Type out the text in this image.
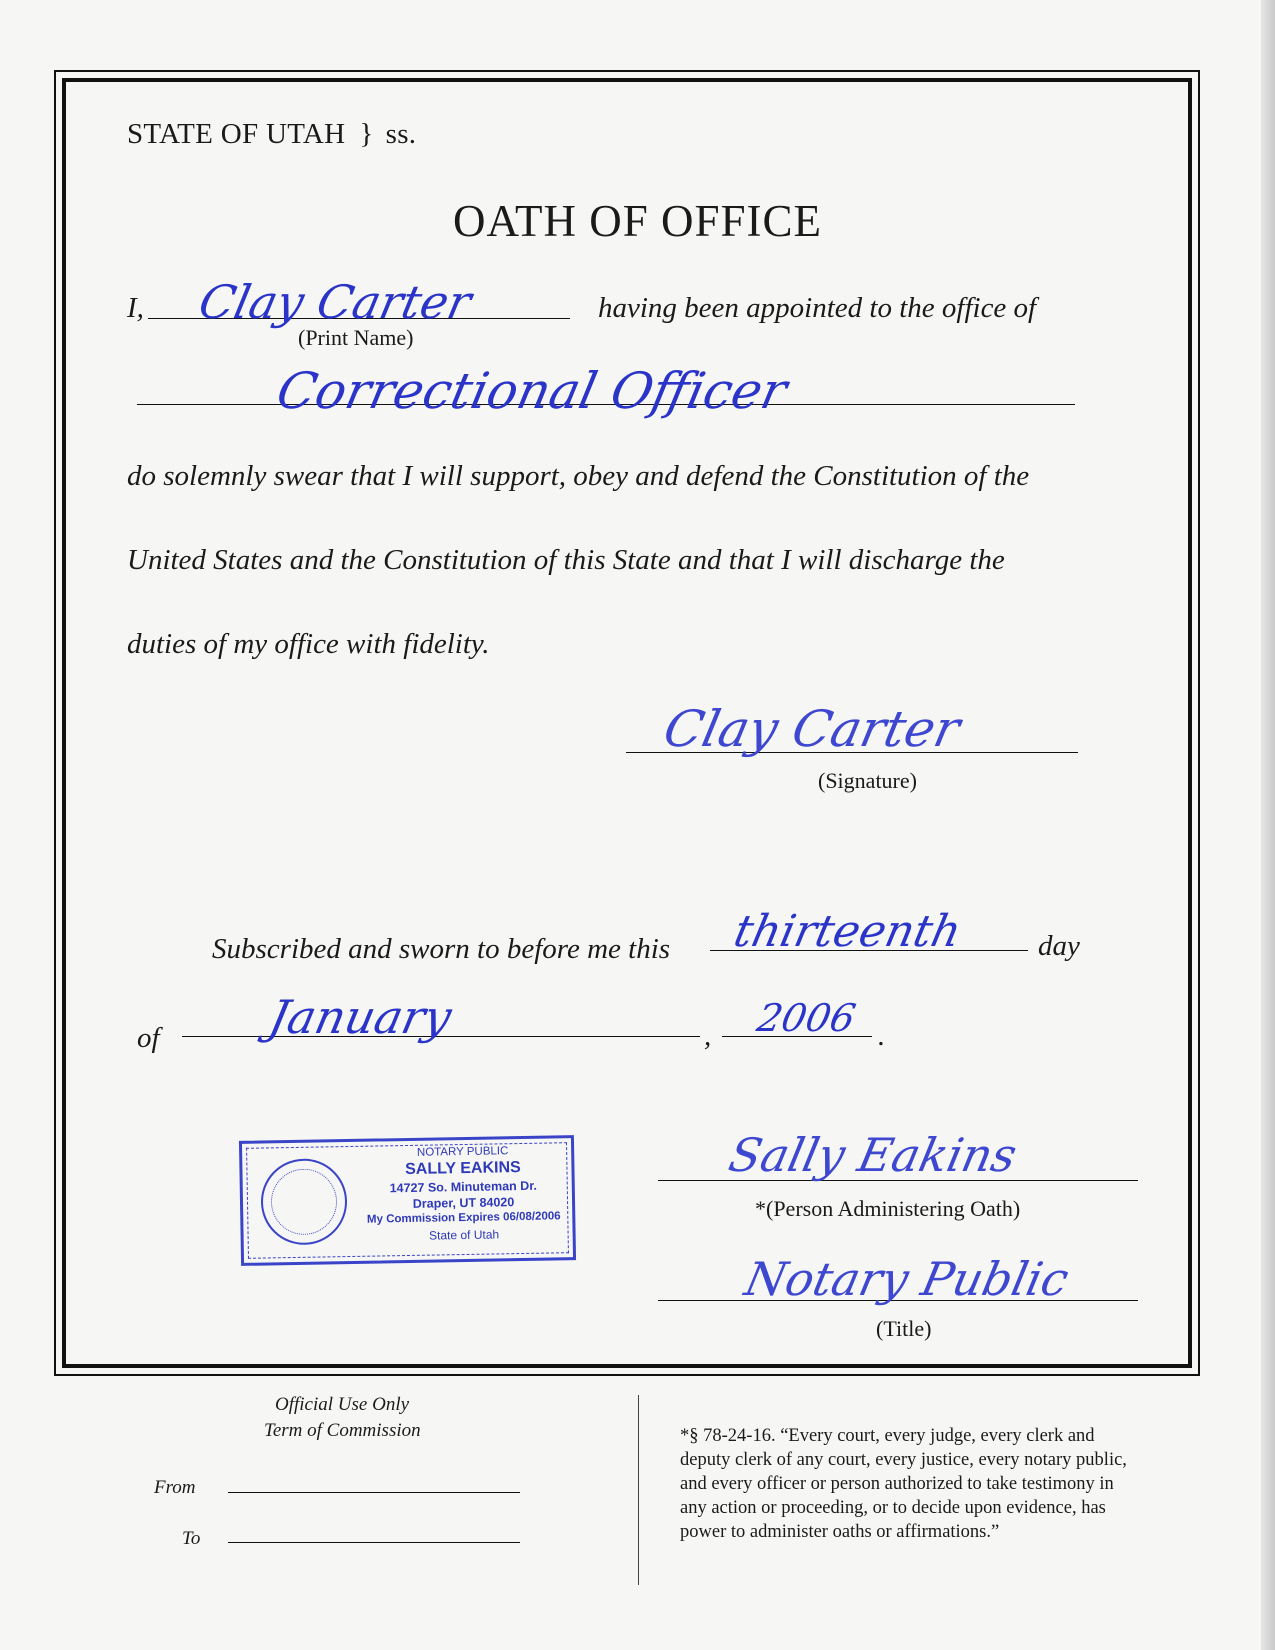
STATE OF UTAH } ss.
OATH OF OFFICE
I, Clay Carter
(Print Name)
having been appointed to the office of
Correctional Officer
do solemnly swear that I will support, obey and defend the Constitution of the
United States and the Constitution of this State and that I will discharge the
duties of my office with fidelity.
Clay Carter
(Signature)
Subscribed and sworn to before me this thirteenth day
of January	, 2006 .
NOTARY PUBLIC
SALLY EAKINS
14727 So. Minuteman Dr.
Draper, UT 84020
My Commission Expires 06/08/2006
State of Utah
Sally Eakins
*(Person Administering Oath)
Notary Public
(Title)
Official Use Only
Term of Commission
From
To
*§ 78-24-16. “Every court, every judge, every clerk and
deputy clerk of any court, every justice, every notary public,
and every officer or person authorized to take testimony in
any action or proceeding, or to decide upon evidence, has
power to administer oaths or affirmations.”
